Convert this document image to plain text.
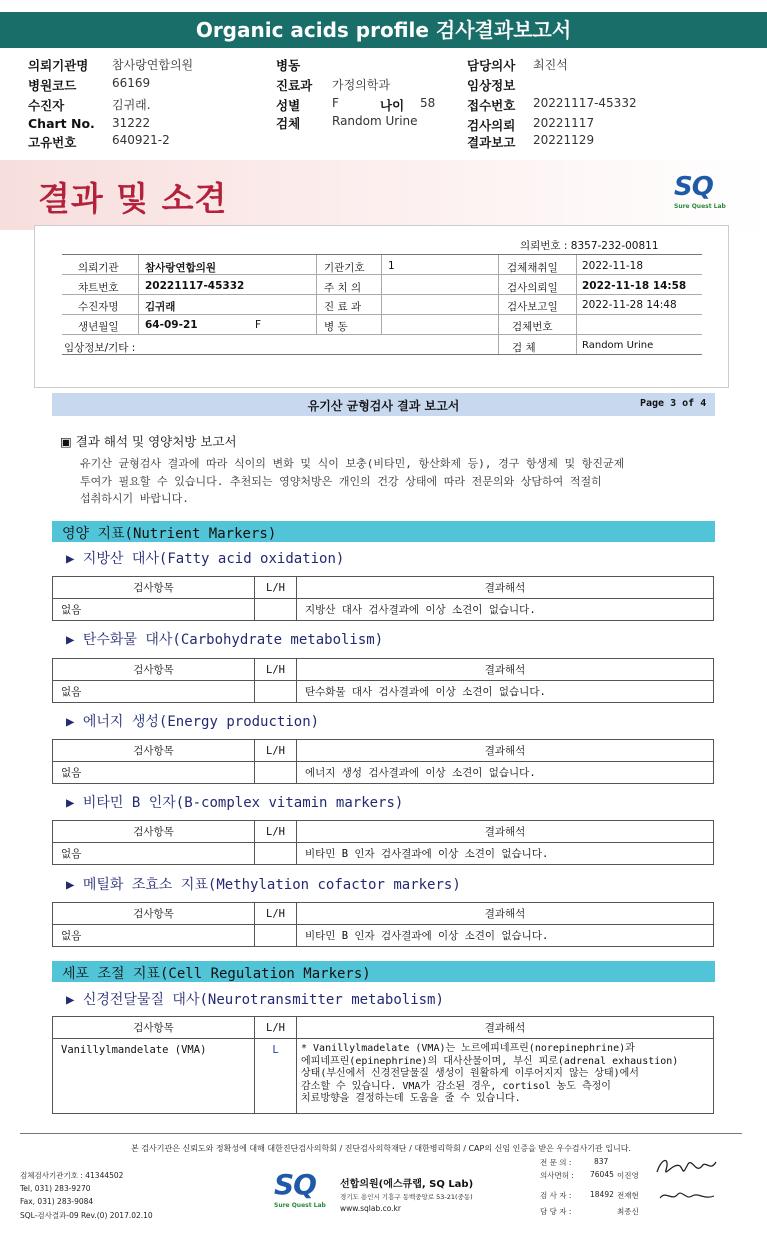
Organic acids profile 검사결과보고서
의뢰기관명 참사랑연합의원
병원코드	66169
수진자	김귀래.
Chart No. 31222
고유번호	640921-2
병동
진료과 가정의학과
성별	F	나이 58
검체	Random Urine
담당의사 최진석
임상정보
접수번호 20221117-45332
검사의뢰 20221117
결과보고 20221129
결과 및 소견	SQ
Sure Quest Lab
의뢰번호 : 8357-232-00811
의뢰기관	참사랑연합의원	기관기호 1	검체채취일 2022-11-18
챠트번호	20221117-45332	주 치 의	검사의뢰일 2022-11-18 14:58
수진자명	김귀래	진 료 과	검사보고일 2022-11-28 14:48
생년월일	64-09-21	F	병 동	검체번호
임상정보/기타 :	검 체	Random Urine
유기산 균형검사 결과 보고서	Page 3 of 4
▣ 결과 해석 및 영양처방 보고서
유기산 균형검사 결과에 따라 식이의 변화 및 식이 보충(비타민, 항산화제 등), 경구 항생제 및 항진균제
투여가 필요할 수 있습니다. 추천되는 영양처방은 개인의 건강 상태에 따라 전문의와 상담하여 적절히
섭취하시기 바랍니다.
영양 지표(Nutrient Markers)
▶ 지방산 대사(Fatty acid oxidation)
검사항목	L/H	결과해석
없음		지방산 대사 검사결과에 이상 소견이 없습니다.
▶ 탄수화물 대사(Carbohydrate metabolism)
검사항목	L/H	결과해석
없음		탄수화물 대사 검사결과에 이상 소견이 없습니다.
▶ 에너지 생성(Energy production)
검사항목	L/H	결과해석
없음		에너지 생성 검사결과에 이상 소견이 없습니다.
▶ 비타민 B 인자(B-complex vitamin markers)
검사항목	L/H	결과해석
없음		비타민 B 인자 검사결과에 이상 소견이 없습니다.
▶ 메틸화 조효소 지표(Methylation cofactor markers)
검사항목	L/H	결과해석
없음		비타민 B 인자 검사결과에 이상 소견이 없습니다.
세포 조절 지표(Cell Regulation Markers)
▶ 신경전달물질 대사(Neurotransmitter metabolism)
검사항목	L/H	결과해석
Vanillylmandelate (VMA)	L	* Vanillylmadelate (VMA)는 노르에피네프린(norepinephrine)과
에피네프린(epinephrine)의 대사산물이며, 부신 피로(adrenal exhaustion)
상태(부신에서 신경전달물질 생성이 원활하게 이루어지지 않는 상태)에서
감소할 수 있습니다. VMA가 감소된 경우, cortisol 농도 측정이
치료방향을 결정하는데 도움을 줄 수 있습니다.
본 검사기관은 신뢰도와 정확성에 대해 대한진단검사의학회 / 진단검사의학재단 / 대한병리학회 / CAP의 신임 인증을 받은 우수검사기관 입니다.
검체검사기관기호 : 41344502
Tel, 031) 283-9270
Fax, 031) 283-9084
SQL-검사결과-09 Rev.(0) 2017.02.10
SQ
Sure Quest Lab
선합의원(에스큐랩, SQ Lab)
경기도 용인시 기흥구 동백중앙로 53-21(중동)
www.sqlab.co.kr
전 문 의 :	837
의사면허 : 76045 이진영
검 사 자 : 18492 전재현
담 당 자 :	최종신
